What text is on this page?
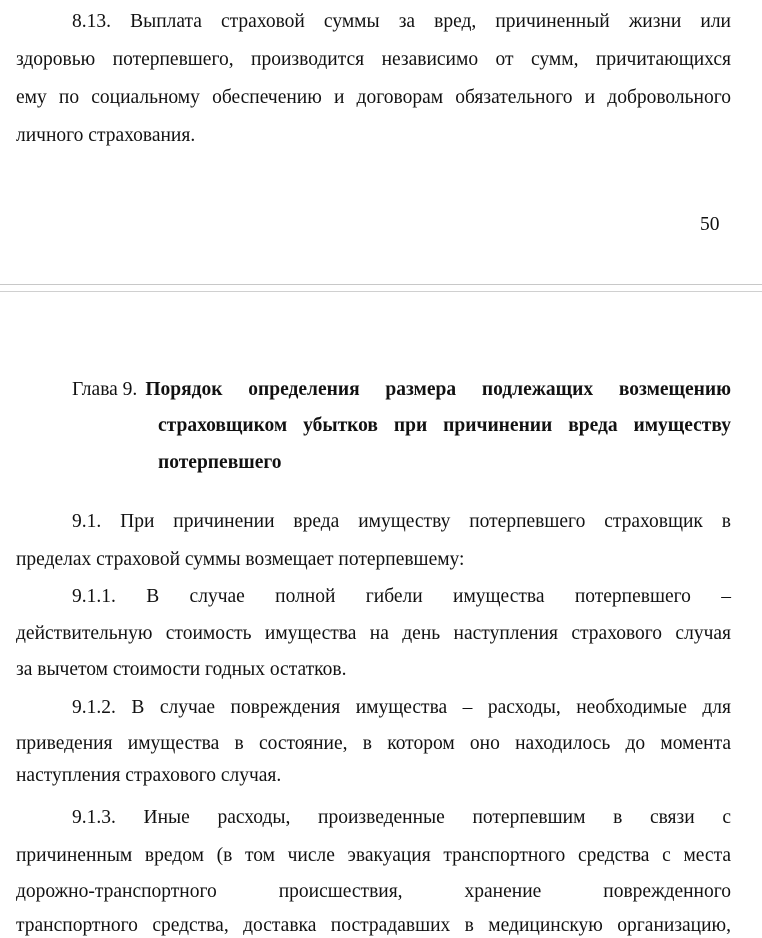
8.13. Выплата страховой суммы за вред, причиненный жизни или
здоровью потерпевшего, производится независимо от сумм, причитающихся
ему по социальному обеспечению и договорам обязательного и добровольного
личного страхования.
50
Глава 9. Порядок определения размера подлежащих возмещению
страховщиком убытков при причинении вреда имуществу
потерпевшего
9.1. При причинении вреда имуществу потерпевшего страховщик в
пределах страховой суммы возмещает потерпевшему:
9.1.1. В случае полной гибели имущества потерпевшего –
действительную стоимость имущества на день наступления страхового случая
за вычетом стоимости годных остатков.
9.1.2. В случае повреждения имущества – расходы, необходимые для
приведения имущества в состояние, в котором оно находилось до момента
наступления страхового случая.
9.1.3. Иные расходы, произведенные потерпевшим в связи с
причиненным вредом (в том числе эвакуация транспортного средства с места
дорожно-транспортного происшествия, хранение поврежденного
транспортного средства, доставка пострадавших в медицинскую организацию,
